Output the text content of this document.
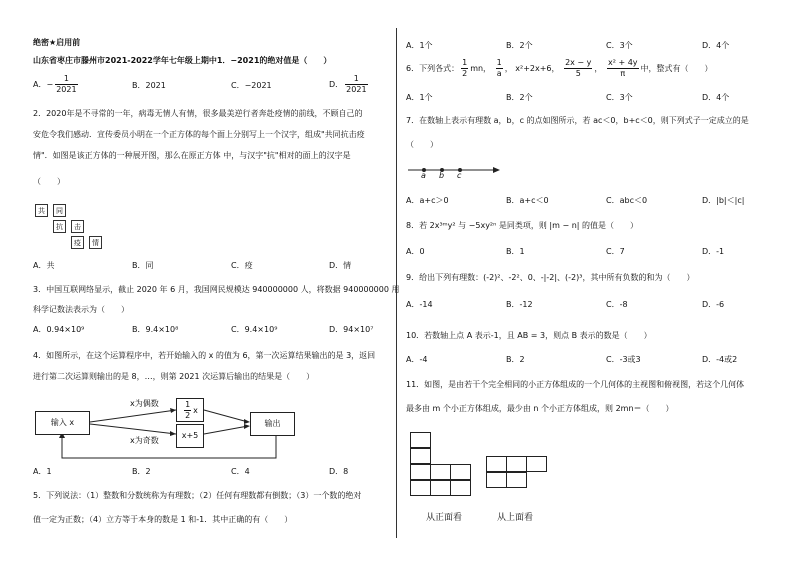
绝密★启用前
山东省枣庄市滕州市2021-2022学年七年级上期中1．−2021的绝对值是（　　）
A．− $\frac{1}{2021}$	B．2021	C．−2021	D． $\frac{1}{2021}$
2．2020年是不寻常的一年，病毒无情人有情，很多最美逆行者奔赴疫情的前线，不顾自己的
安危令我们感动．宣传委员小明在一个正方体的每个面上分别写上一个汉字，组成"共同抗击疫
情"．如图是该正方体的一种展开图，那么在原正方体 中，与汉字"抗"相对的面上的汉字是
（　　）
共	同
抗	击
疫	情
A．共	B．同	C．疫	D．情
3．中国互联网络显示，截止 2020 年 6 月，我国网民规模达 940000000 人，将数据 940000000 用
科学记数法表示为（　　）
A．0.94×10⁹	B．9.4×10⁸	C．9.4×10⁹	D．94×10⁷
4．如图所示，在这个运算程序中，若开始输入的 x 的值为 6，第一次运算结果输出的是 3，返回
进行第二次运算则输出的是 8，…，则第 2021 次运算后输出的结果是（　　）
输入 x
x为偶数
x为奇数
$\frac{1}{2}$ x
x+5
输出
A．1	B．2	C．4	D．8
5．下列说法：（1）整数和分数统称为有理数；（2）任何有理数都有倒数；（3）一个数的绝对
值一定为正数；（4）立方等于本身的数是 1 和-1．其中正确的有（　　）
A．1个	B．2个	C．3个	D．4个
6．下列各式： $\frac{1}{2}$ mn， $\frac{1}{a}$ ， x²+2x+6， $\frac{2x - y}{5}$ ， $\frac{\text{x² + 4y}}{\pi}$ 中，整式有（　　）
A．1个	B．2个	C．3个	D．4个
7．在数轴上表示有理数 a，b，c 的点如图所示，若 ac＜0，b+c＜0，则下列式子一定成立的是
（　　）
a b c
A．a+c＞0	B．a+c＜0	C．abc＜0	D．|b|＜|c|
8．若 2x³ᵐy² 与 −5xy²ⁿ 是同类项，则 |m − n| 的值是（　　）
A．0	B．1	C．7	D．-1
9．给出下列有理数：(-2)²、-2²、0、-|-2|、(-2)³，其中所有负数的和为（　　）
A．-14	B．-12	C．-8	D．-6
10．若数轴上点 A 表示-1，且 AB = 3，则点 B 表示的数是（　　）
A．-4	B．2	C．-3或3	D．-4或2
11．如图，是由若干个完全相同的小正方体组成的一个几何体的主视图和俯视图，若这个几何体
最多由 m 个小正方体组成，最少由 n 个小正方体组成，则 2mn＝（　　）
从正面看	从上面看
